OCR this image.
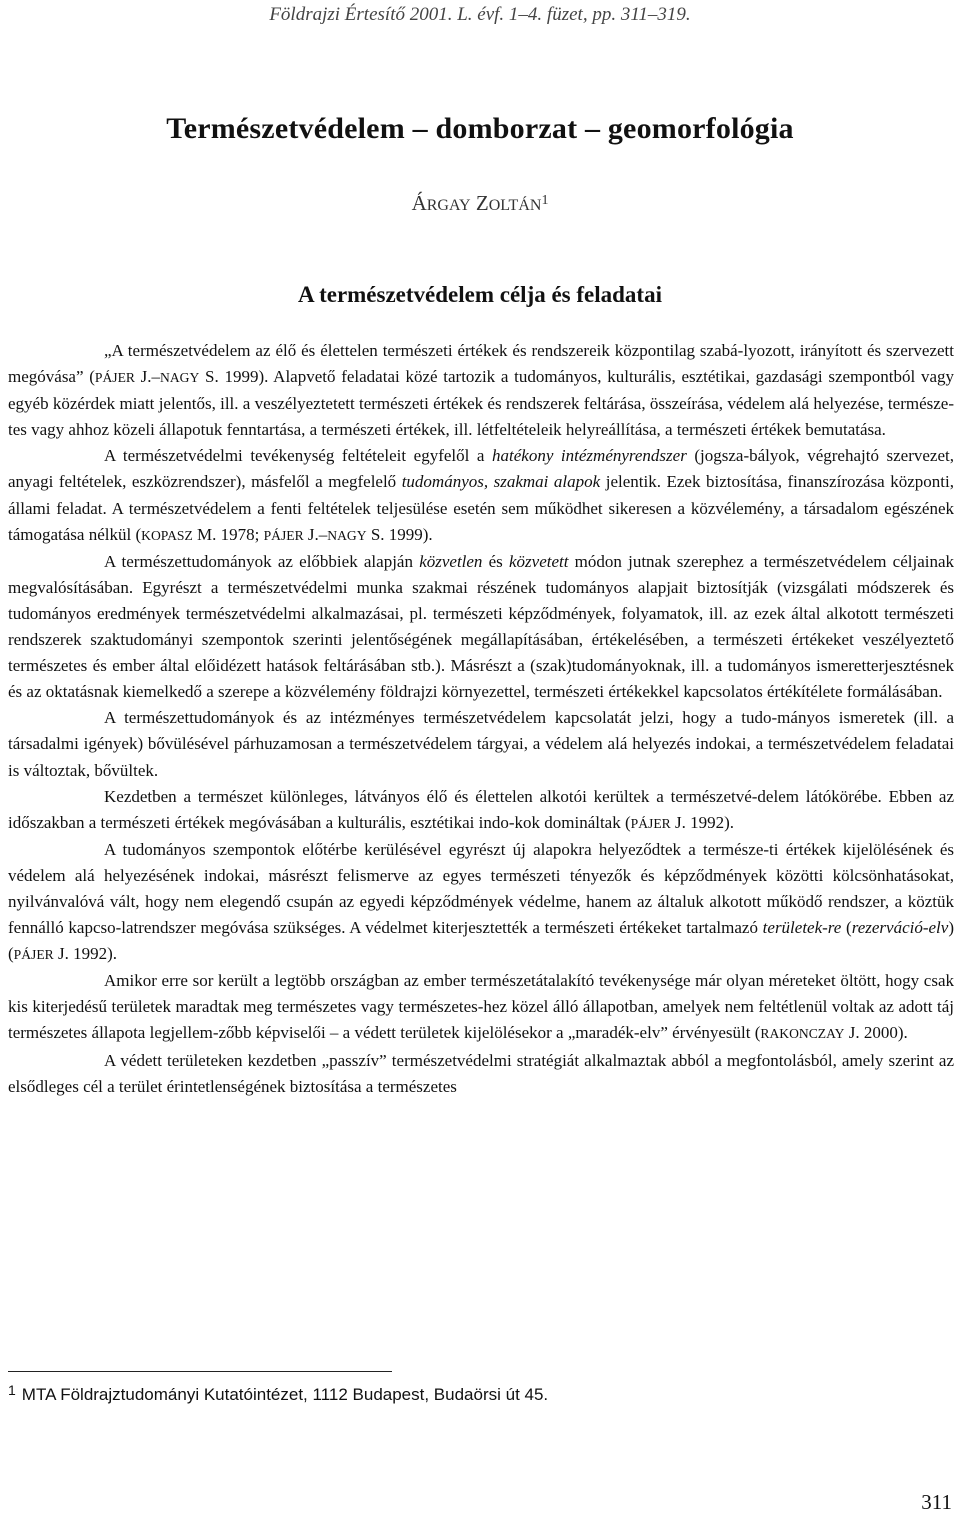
Földrajzi Értesítő 2001. L. évf. 1–4. füzet, pp. 311–319.
Természetvédelem – domborzat – geomorfológia
ÁRGAY ZOLTÁN$^1$
A természetvédelem célja és feladatai

„A természetvédelem az élő és élettelen természeti értékek és rendszereik központilag szabá-lyozott, irányított és szervezett megóvása” (PÁJER J.–NAGY S. 1999). Alapvető feladatai közé tartozik a tudományos, kulturális, esztétikai, gazdasági szempontból vagy egyéb közérdek miatt jelentős, ill. a veszélyeztetett természeti értékek és rendszerek feltárása, összeírása, védelem alá helyezése, természe-tes vagy ahhoz közeli állapotuk fenntartása, a természeti értékek, ill. létfeltételeik helyreállítása, a természeti értékek bemutatása.

A természetvédelmi tevékenység feltételeit egyfelől a hatékony intézményrendszer (jogsza-bályok, végrehajtó szervezet, anyagi feltételek, eszközrendszer), másfelől a megfelelő tudományos, szakmai alapok jelentik. Ezek biztosítása, finanszírozása központi, állami feladat. A természetvédelem a fenti feltételek teljesülése esetén sem működhet sikeresen a közvélemény, a társadalom egészének támogatása nélkül (KOPASZ M. 1978; PÁJER J.–NAGY S. 1999).

A természettudományok az előbbiek alapján közvetlen és közvetett módon jutnak szerephez a természetvédelem céljainak megvalósításában. Egyrészt a természetvédelmi munka szakmai részének tudományos alapjait biztosítják (vizsgálati módszerek és tudományos eredmények természetvédelmi alkalmazásai, pl. természeti képződmények, folyamatok, ill. az ezek által alkotott természeti rendszerek szaktudományi szempontok szerinti jelentőségének megállapításában, értékelésében, a természeti értékeket veszélyeztető természetes és ember által előidézett hatások feltárásában stb.). Másrészt a (szak)tudományoknak, ill. a tudományos ismeretterjesztésnek és az oktatásnak kiemelkedő a szerepe a közvélemény földrajzi környezettel, természeti értékekkel kapcsolatos értékítélete formálásában.

A természettudományok és az intézményes természetvédelem kapcsolatát jelzi, hogy a tudo-mányos ismeretek (ill. a társadalmi igények) bővülésével párhuzamosan a természetvédelem tárgyai, a védelem alá helyezés indokai, a természetvédelem feladatai is változtak, bővültek.

Kezdetben a természet különleges, látványos élő és élettelen alkotói kerültek a természetvé-delem látókörébe. Ebben az időszakban a természeti értékek megóvásában a kulturális, esztétikai indo-kok domináltak (PÁJER J. 1992).

A tudományos szempontok előtérbe kerülésével egyrészt új alapokra helyeződtek a természe-ti értékek kijelölésének és védelem alá helyezésének indokai, másrészt felismerve az egyes természeti tényezők és képződmények közötti kölcsönhatásokat, nyilvánvalóvá vált, hogy nem elegendő csupán az egyedi képződmények védelme, hanem az általuk alkotott működő rendszer, a köztük fennálló kapcso-latrendszer megóvása szükséges. A védelmet kiterjesztették a természeti értékeket tartalmazó területek-re (rezerváció-elv) (PÁJER J. 1992).

Amikor erre sor került a legtöbb országban az ember természetátalakító tevékenysége már olyan méreteket öltött, hogy csak kis kiterjedésű területek maradtak meg természetes vagy természetes-hez közel álló állapotban, amelyek nem feltétlenül voltak az adott táj természetes állapota legjellem-zőbb képviselői – a védett területek kijelölésekor a „maradék-elv” érvényesült (RAKONCZAY J. 2000).

A védett területeken kezdetben „passzív” természetvédelmi stratégiát alkalmaztak abból a megfontolásból, amely szerint az elsődleges cél a terület érintetlenségének biztosítása a természetes

$^1$ MTA Földrajztudományi Kutatóintézet, 1112 Budapest, Budaörsi út 45.
311
